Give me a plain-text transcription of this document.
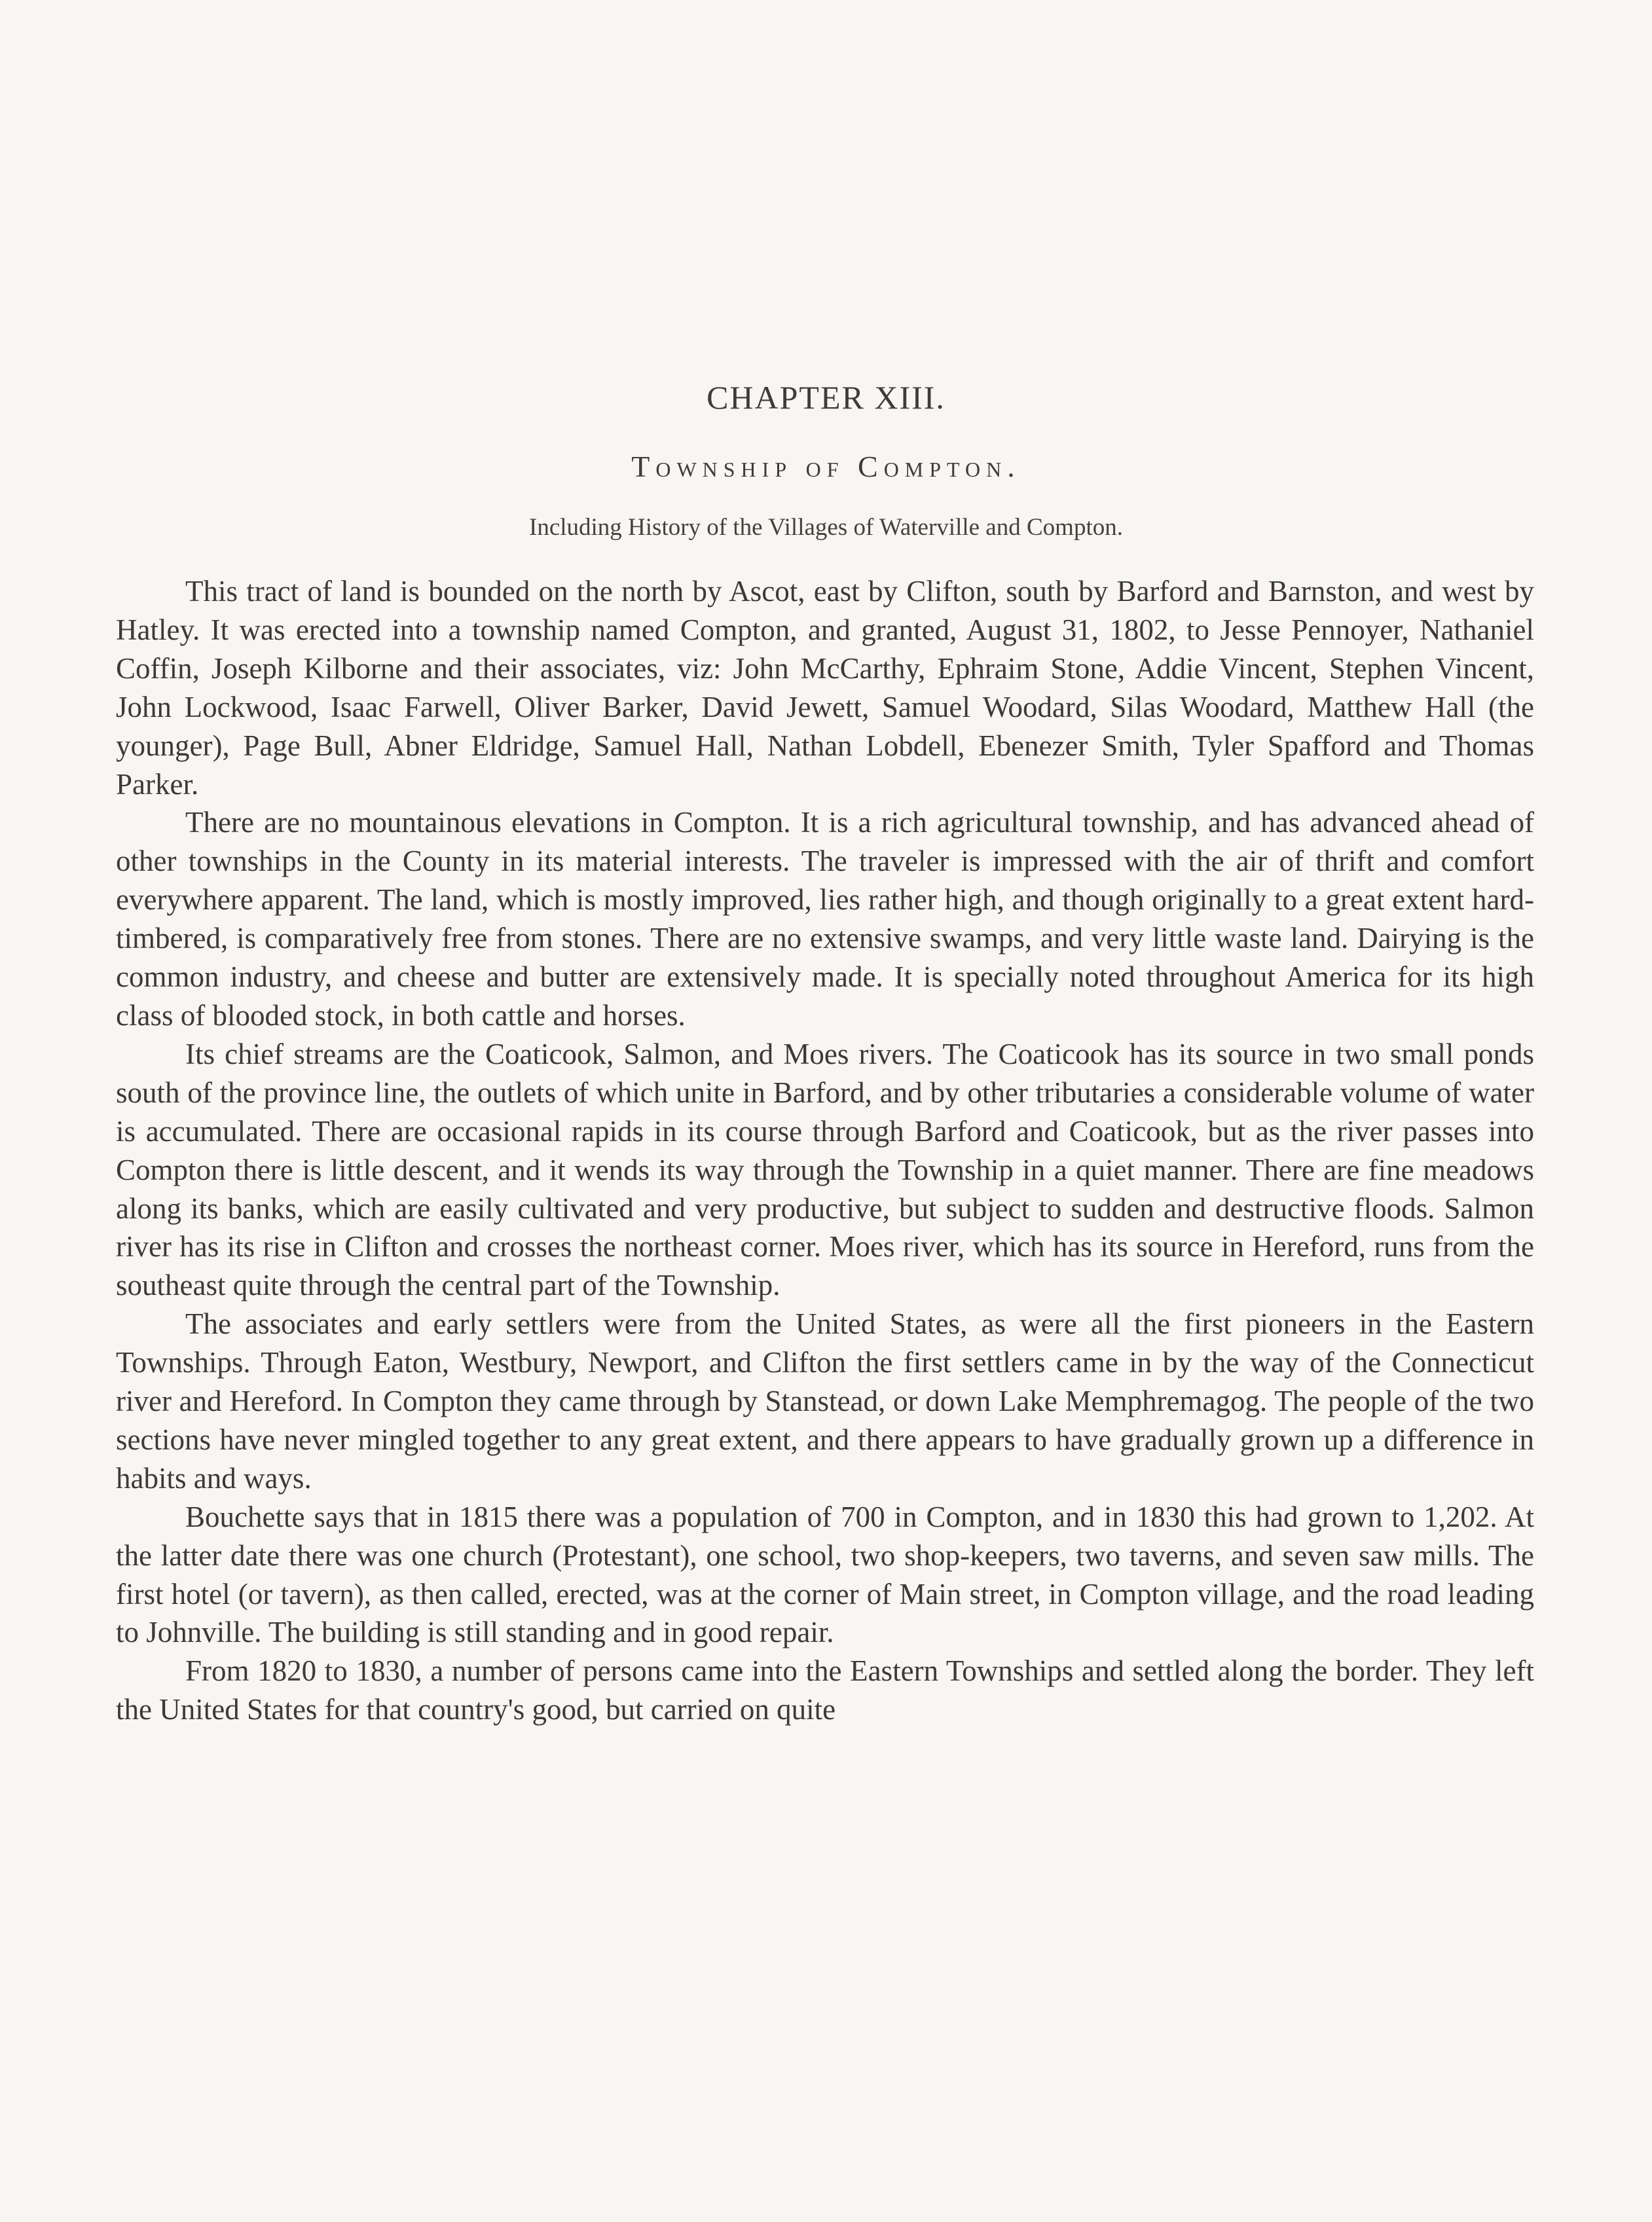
CHAPTER XIII.
Township of Compton.
Including History of the Villages of Waterville and Compton.

This tract of land is bounded on the north by Ascot, east by Clifton, south by Barford and Barnston, and west by Hatley. It was erected into a township named Compton, and granted, August 31, 1802, to Jesse Pennoyer, Nathaniel Coffin, Joseph Kilborne and their associates, viz: John McCarthy, Ephraim Stone, Addie Vincent, Stephen Vincent, John Lockwood, Isaac Farwell, Oliver Barker, David Jewett, Samuel Woodard, Silas Woodard, Matthew Hall (the younger), Page Bull, Abner Eldridge, Samuel Hall, Nathan Lobdell, Ebenezer Smith, Tyler Spafford and Thomas Parker.

There are no mountainous elevations in Compton. It is a rich agricultural township, and has advanced ahead of other townships in the County in its material interests. The traveler is impressed with the air of thrift and comfort everywhere apparent. The land, which is mostly improved, lies rather high, and though originally to a great extent hard-timbered, is comparatively free from stones. There are no extensive swamps, and very little waste land. Dairying is the common industry, and cheese and butter are extensively made. It is specially noted throughout America for its high class of blooded stock, in both cattle and horses.

Its chief streams are the Coaticook, Salmon, and Moes rivers. The Coaticook has its source in two small ponds south of the province line, the outlets of which unite in Barford, and by other tributaries a considerable volume of water is accumulated. There are occasional rapids in its course through Barford and Coaticook, but as the river passes into Compton there is little descent, and it wends its way through the Township in a quiet manner. There are fine meadows along its banks, which are easily cultivated and very productive, but subject to sudden and destructive floods. Salmon river has its rise in Clifton and crosses the northeast corner. Moes river, which has its source in Hereford, runs from the southeast quite through the central part of the Township.

The associates and early settlers were from the United States, as were all the first pioneers in the Eastern Townships. Through Eaton, Westbury, Newport, and Clifton the first settlers came in by the way of the Connecticut river and Hereford. In Compton they came through by Stanstead, or down Lake Memphremagog. The people of the two sections have never mingled together to any great extent, and there appears to have gradually grown up a difference in habits and ways.

Bouchette says that in 1815 there was a population of 700 in Compton, and in 1830 this had grown to 1,202. At the latter date there was one church (Protestant), one school, two shop-keepers, two taverns, and seven saw mills. The first hotel (or tavern), as then called, erected, was at the corner of Main street, in Compton village, and the road leading to Johnville. The building is still standing and in good repair.

From 1820 to 1830, a number of persons came into the Eastern Townships and settled along the border. They left the United States for that country's good, but carried on quite
